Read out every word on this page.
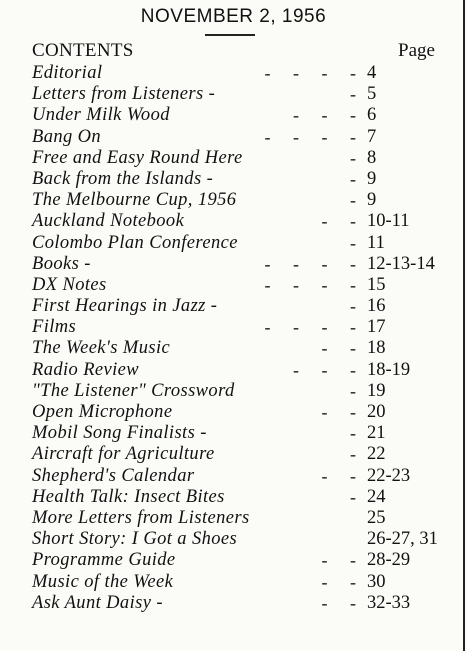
NOVEMBER 2, 1956
CONTENTS	Page
Editorial	-     -     -     - 4
Letters from Listeners -	- 5
Under Milk Wood	-     -     - 6
Bang On	-     -     -     - 7
Free and Easy Round Here	- 8
Back from the Islands -	- 9
The Melbourne Cup, 1956	- 9
Auckland Notebook	-     - 10-11
Colombo Plan Conference	- 11
Books -	-     -     -     - 12-13-14
DX Notes	-     -     -     - 15
First Hearings in Jazz -	- 16
Films	-     -     -     - 17
The Week's Music	-     - 18
Radio Review	-     -     - 18-19
"The Listener" Crossword	- 19
Open Microphone	-     - 20
Mobil Song Finalists -	- 21
Aircraft for Agriculture	- 22
Shepherd's Calendar	-     - 22-23
Health Talk: Insect Bites	- 24
More Letters from Listeners	25
Short Story: I Got a Shoes	26-27, 31
Programme Guide	-     - 28-29
Music of the Week	-     - 30
Ask Aunt Daisy -	-     - 32-33
